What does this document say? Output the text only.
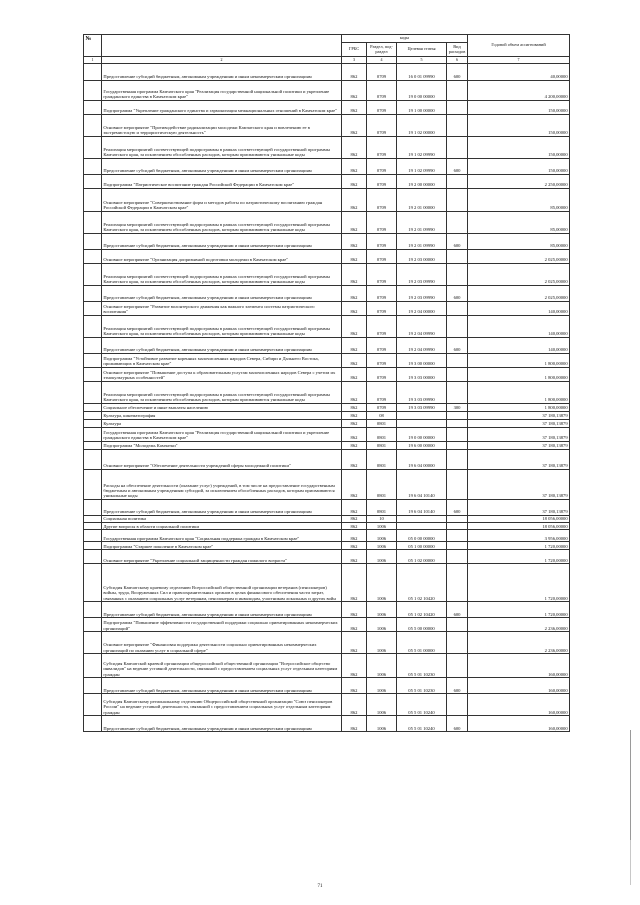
№		коды				Годовой объем ассигнований
		ГРБС	Раздел, под-раздел	Целевая статья	Вид расходов	
1	2	3	4	5	6	7
	Предоставление субсидий бюджетным, автономным учреждениям и иным некоммерческим организациям	862	0709	16 0 01 09990	600	40,00000
	Государственная программа Камчатского края "Реализация государственной национальной политики и укрепление гражданского единства в Камчатском крае"	862	0709	19 0 00 00000		4 200,00000
	Подпрограмма "Укрепление гражданского единства и гармонизация межнациональных отношений в Камчатском крае"	862	0709	19 1 00 00000		150,00000
	Основное мероприятие "Противодействие радикализации молодежи Камчатского края и вовлечению ее в экстремистскую и террористическую деятельность"	862	0709	19 1 02 00000		150,00000
	Реализация мероприятий соответствующей подпрограммы в рамках соответствующей государственной программы Камчатского края, за исключением обособленных расходов, которым присваиваются уникальные коды	862	0709	19 1 02 09990		150,00000
	Предоставление субсидий бюджетным, автономным учреждениям и иным некоммерческим организациям	862	0709	19 1 02 09990	600	150,00000
	Подпрограмма "Патриотическое воспитание граждан Российской Федерации в Камчатском крае"	862	0709	19 2 00 00000		2 250,00000
	Основное мероприятие "Совершенствование форм и методов работы по патриотическому воспитанию граждан Российской Федерации в Камчатском крае"	862	0709	19 2 01 00000		85,00000
	Реализация мероприятий соответствующей подпрограммы в рамках соответствующей государственной программы Камчатского края, за исключением обособленных расходов, которым присваиваются уникальные коды	862	0709	19 2 01 09990		85,00000
	Предоставление субсидий бюджетным, автономным учреждениям и иным некоммерческим организациям	862	0709	19 2 01 09990	600	85,00000
	Основное мероприятие "Организация допризывной подготовки молодежи в Камчатском крае"	862	0709	19 2 03 00000		2 025,00000
	Реализация мероприятий соответствующей подпрограммы в рамках соответствующей государственной программы Камчатского края, за исключением обособленных расходов, которым присваиваются уникальные коды	862	0709	19 2 03 09990		2 025,00000
	Предоставление субсидий бюджетным, автономным учреждениям и иным некоммерческим организациям	862	0709	19 2 03 09990	600	2 025,00000
	Основное мероприятие "Развитие волонтерского движения как важного элемента системы патриотического воспитания"	862	0709	19 2 04 00000		140,00000
	Реализация мероприятий соответствующей подпрограммы в рамках соответствующей государственной программы Камчатского края, за исключением обособленных расходов, которым присваиваются уникальные коды	862	0709	19 2 04 09990		140,00000
	Предоставление субсидий бюджетным, автономным учреждениям и иным некоммерческим организациям	862	0709	19 2 04 09990	600	140,00000
	Подпрограмма "Устойчивое развитие коренных малочисленных народов Севера, Сибири и Дальнего Востока, проживающих в Камчатском крае"	862	0709	19 3 00 00000		1 800,00000
	Основное мероприятие "Повышение доступа к образовательным услугам малочисленных народов Севера с учетом их этнокультурных особенностей"	862	0709	19 3 03 00000		1 800,00000
	Реализация мероприятий соответствующей подпрограммы в рамках соответствующей государственной программы Камчатского края, за исключением обособленных расходов, которым присваиваются уникальные коды	862	0709	19 3 03 09990		1 800,00000
	Социальное обеспечение и иные выплаты населению	862	0709	19 3 03 09990	300	1 800,00000
	Культура, кинематография	862	08			37 180,13879
	Культура	862	0801			37 180,13879
	Государственная программа Камчатского края "Реализация государственной национальной политики и укрепление гражданского единства в Камчатском крае"	862	0801	19 0 00 00000		37 180,13879
	Подпрограмма "Молодежь Камчатки"	862	0801	19 6 00 00000		37 180,13879
	Основное мероприятие "Обеспечение деятельности учреждений сферы молодежной политики"	862	0801	19 6 04 00000		37 180,13879
	Расходы на обеспечение деятельности (оказание услуг) учреждений, в том числе на предоставление государственным бюджетным и автономным учреждениям субсидий, за исключением обособленных расходов, которым присваиваются уникальные коды	862	0801	19 6 04 10140		37 180,13879
	Предоставление субсидий бюджетным, автономным учреждениям и иным некоммерческим организациям	862	0801	19 6 04 10140	600	37 180,13879
	Социальная политика	862	10			18 056,00000
	Другие вопросы в области социальной политики	862	1006			18 056,00000
	Государственная программа Камчатского края "Социальная поддержка граждан в Камчатском крае"	862	1006	05 0 00 00000		3 956,00000
	Подпрограмма "Старшее поколение в Камчатском крае"	862	1006	05 1 00 00000		1 720,00000
	Основное мероприятие "Укрепление социальной защищенности граждан пожилого возраста"	862	1006	05 1 02 00000		1 720,00000
	Субсидия Камчатскому краевому отделению Всероссийской общественной организации ветеранов (пенсионеров) войны, труда, Вооруженных Сил и правоохранительных органов в целях финансового обеспечения части затрат, связанных с оказанием социальных услуг ветеранам, пенсионерам и инвалидам, участникам локальных и других войн	862	1006	05 1 02 10420		1 720,00000
	Предоставление субсидий бюджетным, автономным учреждениям и иным некоммерческим организациям	862	1006	05 1 02 10420	600	1 720,00000
	Подпрограмма "Повышение эффективности государственной поддержки социально ориентированных некоммерческих организаций"	862	1006	05 5 00 00000		2 236,00000
	Основное мероприятие "Финансовая поддержка деятельности социально ориентированных некоммерческих организаций по оказанию услуг в социальной сфере"	862	1006	05 5 01 00000		2 236,00000
	Субсидия Камчатской краевой организации общероссийской общественной организации "Всероссийское общество инвалидов" на ведение уставной деятельности, связанной с предоставлением социальных услуг отдельным категориям граждан	862	1006	05 5 01 10230		160,00000
	Предоставление субсидий бюджетным, автономным учреждениям и иным некоммерческим организациям	862	1006	05 5 01 10230	600	160,00000
	Субсидия Камчатскому региональному отделению Общероссийской общественной организации "Союз пенсионеров России" на ведение уставной деятельности, связанной с предоставлением социальных услуг отдельным категориям граждан	862	1006	05 5 01 10240		160,00000
	Предоставление субсидий бюджетным, автономным учреждениям и иным некоммерческим организациям	862	1006	05 5 01 10240	600	160,00000
71
